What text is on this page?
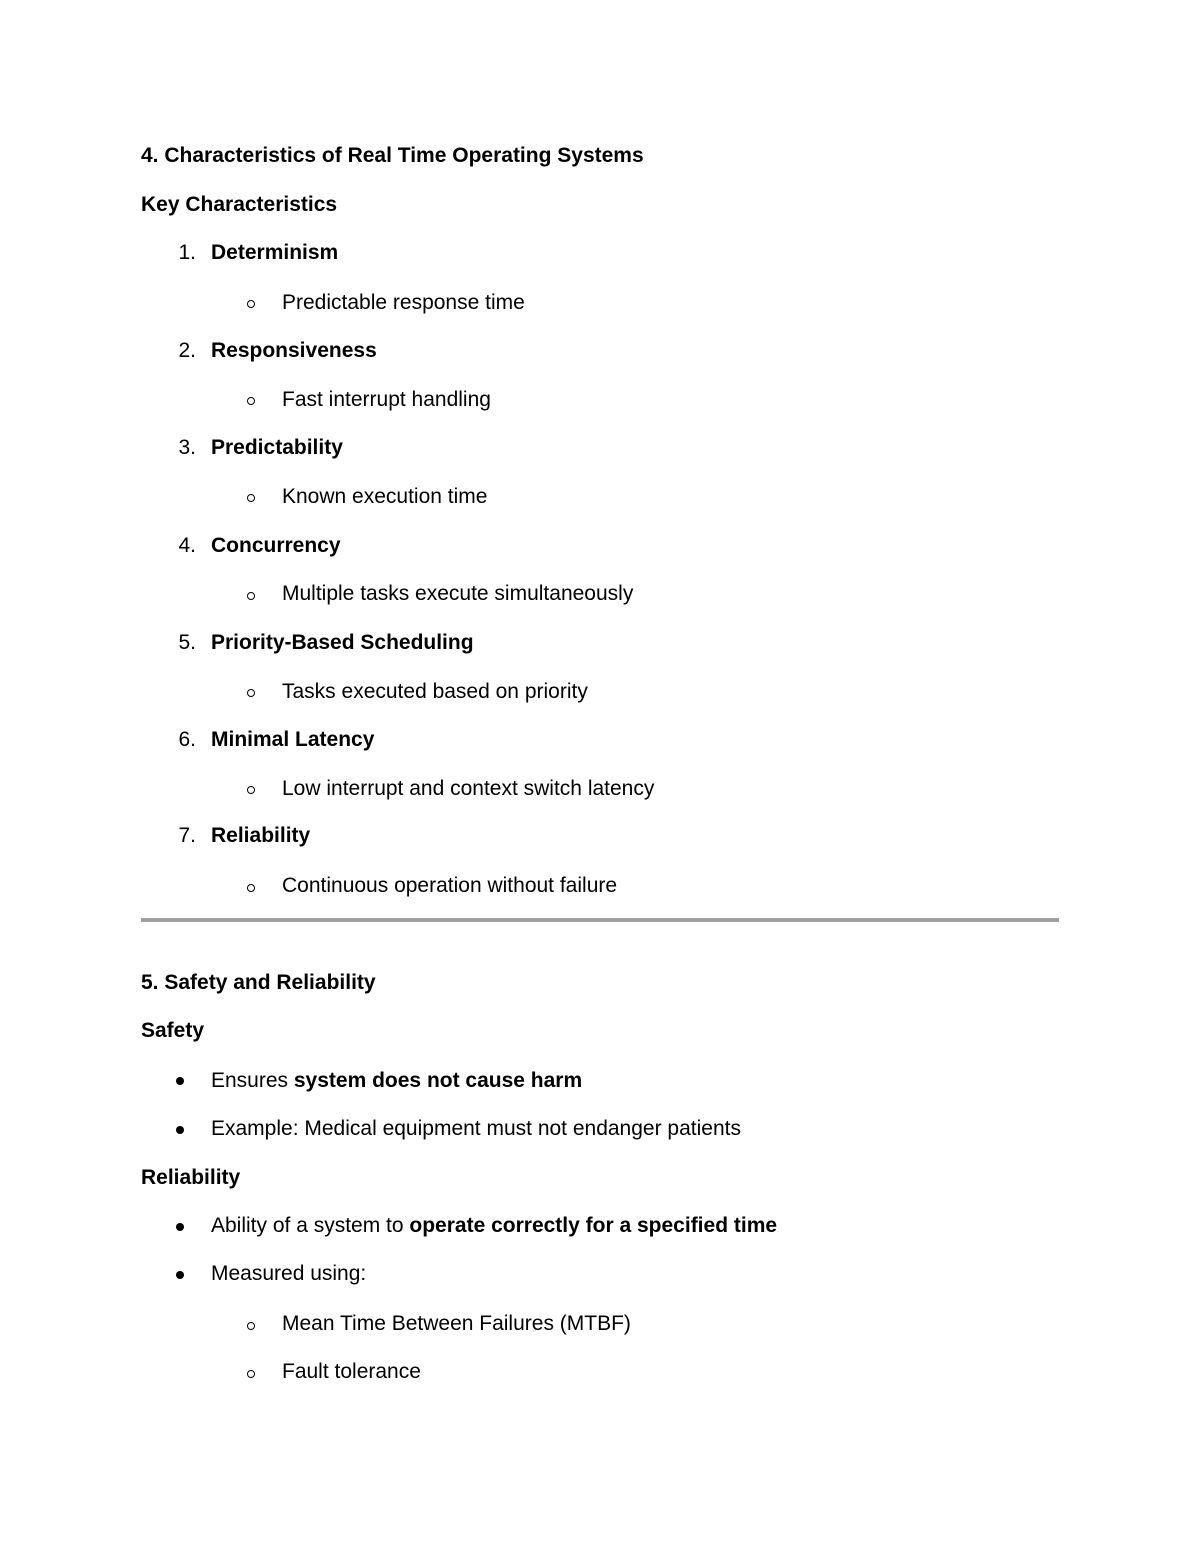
4. Characteristics of Real Time Operating Systems
Key Characteristics
1. Determinism
Predictable response time
2. Responsiveness
Fast interrupt handling
3. Predictability
Known execution time
4. Concurrency
Multiple tasks execute simultaneously
5. Priority-Based Scheduling
Tasks executed based on priority
6. Minimal Latency
Low interrupt and context switch latency
7. Reliability
Continuous operation without failure
5. Safety and Reliability
Safety
Ensures system does not cause harm
Example: Medical equipment must not endanger patients
Reliability
Ability of a system to operate correctly for a specified time
Measured using:
Mean Time Between Failures (MTBF)
Fault tolerance
